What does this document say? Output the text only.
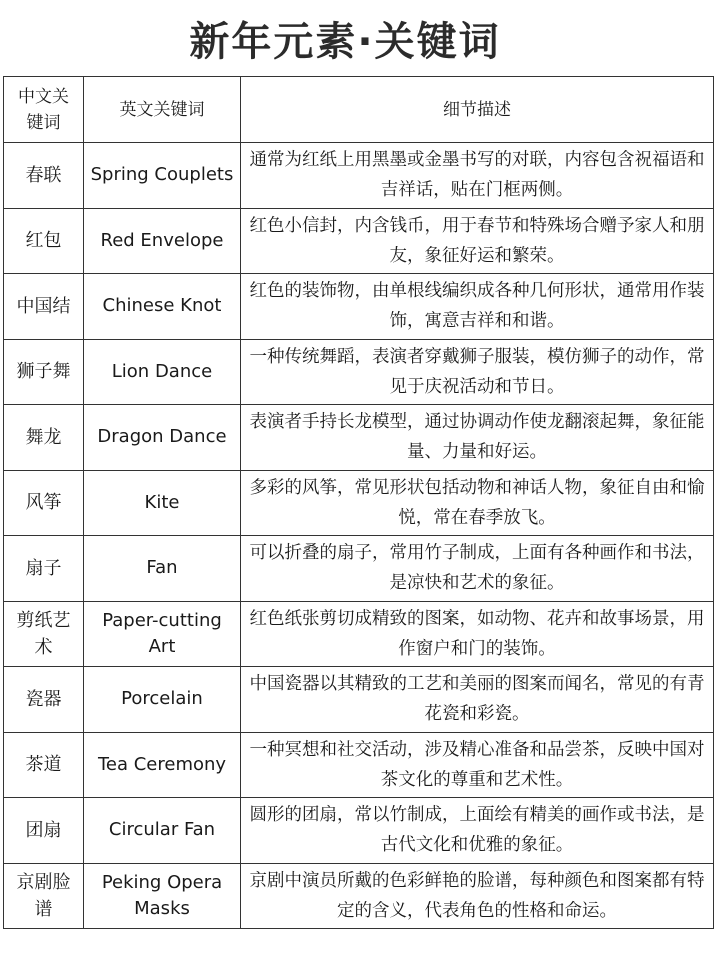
新年元素·关键词
中文关键词	英文关键词	细节描述
春联	Spring Couplets	通常为红纸上用黑墨或金墨书写的对联，内容包含祝福语和吉祥话，贴在门框两侧。
红包	Red Envelope	红色小信封，内含钱币，用于春节和特殊场合赠予家人和朋友，象征好运和繁荣。
中国结	Chinese Knot	红色的装饰物，由单根线编织成各种几何形状，通常用作装饰，寓意吉祥和和谐。
狮子舞	Lion Dance	一种传统舞蹈，表演者穿戴狮子服装，模仿狮子的动作，常见于庆祝活动和节日。
舞龙	Dragon Dance	表演者手持长龙模型，通过协调动作使龙翻滚起舞，象征能量、力量和好运。
风筝	Kite	多彩的风筝，常见形状包括动物和神话人物，象征自由和愉悦，常在春季放飞。
扇子	Fan	可以折叠的扇子，常用竹子制成，上面有各种画作和书法，是凉快和艺术的象征。
剪纸艺术	Paper-cutting Art	红色纸张剪切成精致的图案，如动物、花卉和故事场景，用作窗户和门的装饰。
瓷器	Porcelain	中国瓷器以其精致的工艺和美丽的图案而闻名，常见的有青花瓷和彩瓷。
茶道	Tea Ceremony	一种冥想和社交活动，涉及精心准备和品尝茶，反映中国对茶文化的尊重和艺术性。
团扇	Circular Fan	圆形的团扇，常以竹制成，上面绘有精美的画作或书法，是古代文化和优雅的象征。
京剧脸谱	Peking Opera Masks	京剧中演员所戴的色彩鲜艳的脸谱，每种颜色和图案都有特定的含义，代表角色的性格和命运。
